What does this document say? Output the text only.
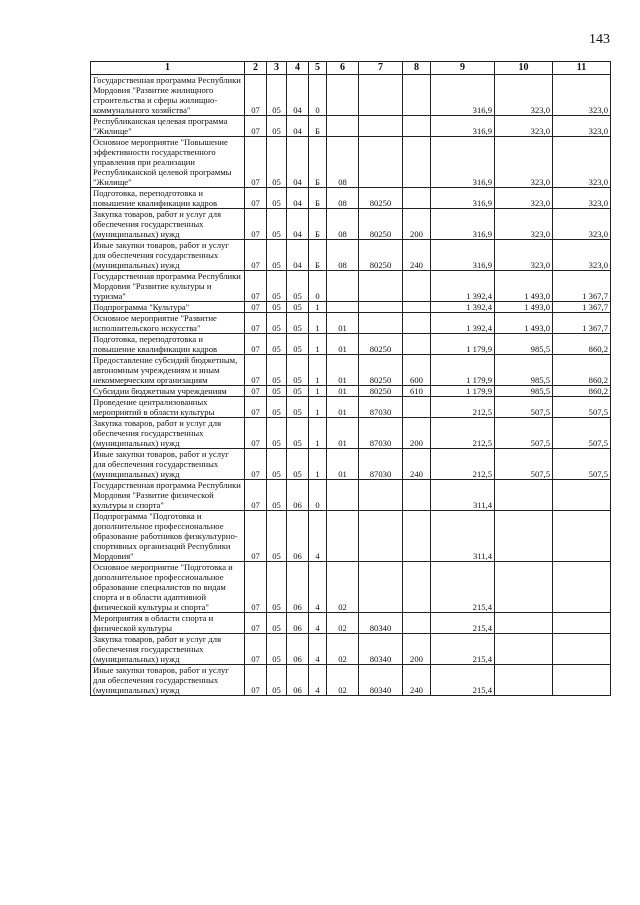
143
1	2	3	4	5	6	7	8	9	10	11
Государственная программа Республики Мордовия "Развитие жилищного строительства и сферы жилищно-коммунального хозяйства"	07	05	04	0				316,9	323,0	323,0
Республиканская целевая программа "Жилище"	07	05	04	Б				316,9	323,0	323,0
Основное мероприятие "Повышение эффективности государственного управления при реализации Республиканской целевой программы "Жилище"	07	05	04	Б	08			316,9	323,0	323,0
Подготовка, переподготовка и повышение квалификации кадров	07	05	04	Б	08	80250		316,9	323,0	323,0
Закупка товаров, работ и услуг для обеспечения государственных (муниципальных) нужд	07	05	04	Б	08	80250	200	316,9	323,0	323,0
Иные закупки товаров, работ и услуг для обеспечения государственных (муниципальных) нужд	07	05	04	Б	08	80250	240	316,9	323,0	323,0
Государственная программа Республики Мордовия "Развитие культуры и туризма"	07	05	05	0				1 392,4	1 493,0	1 367,7
Подпрограмма "Культура"	07	05	05	1				1 392,4	1 493,0	1 367,7
Основное мероприятие "Развитие исполнительского искусства"	07	05	05	1	01			1 392,4	1 493,0	1 367,7
Подготовка, переподготовка и повышение квалификации кадров	07	05	05	1	01	80250		1 179,9	985,5	860,2
Предоставление субсидий бюджетным, автономным учреждениям и иным некоммерческим организациям	07	05	05	1	01	80250	600	1 179,9	985,5	860,2
Субсидии бюджетным учреждениям	07	05	05	1	01	80250	610	1 179,9	985,5	860,2
Проведение централизованных мероприятий в области культуры	07	05	05	1	01	87030		212,5	507,5	507,5
Закупка товаров, работ и услуг для обеспечения государственных (муниципальных) нужд	07	05	05	1	01	87030	200	212,5	507,5	507,5
Иные закупки товаров, работ и услуг для обеспечения государственных (муниципальных) нужд	07	05	05	1	01	87030	240	212,5	507,5	507,5
Государственная программа Республики Мордовия "Развитие физической культуры и спорта"	07	05	06	0				311,4		
Подпрограмма "Подготовка и дополнительное профессиональное образование работников физкультурно-спортивных организаций Республики Мордовия"	07	05	06	4				311,4		
Основное мероприятие "Подготовка и дополнительное профессиональное образование специалистов по видам спорта и в области адаптивной физической культуры и спорта"	07	05	06	4	02			215,4		
Мероприятия в области спорта и физической культуры	07	05	06	4	02	80340		215,4		
Закупка товаров, работ и услуг для обеспечения государственных (муниципальных) нужд	07	05	06	4	02	80340	200	215,4		
Иные закупки товаров, работ и услуг для обеспечения государственных (муниципальных) нужд	07	05	06	4	02	80340	240	215,4		
